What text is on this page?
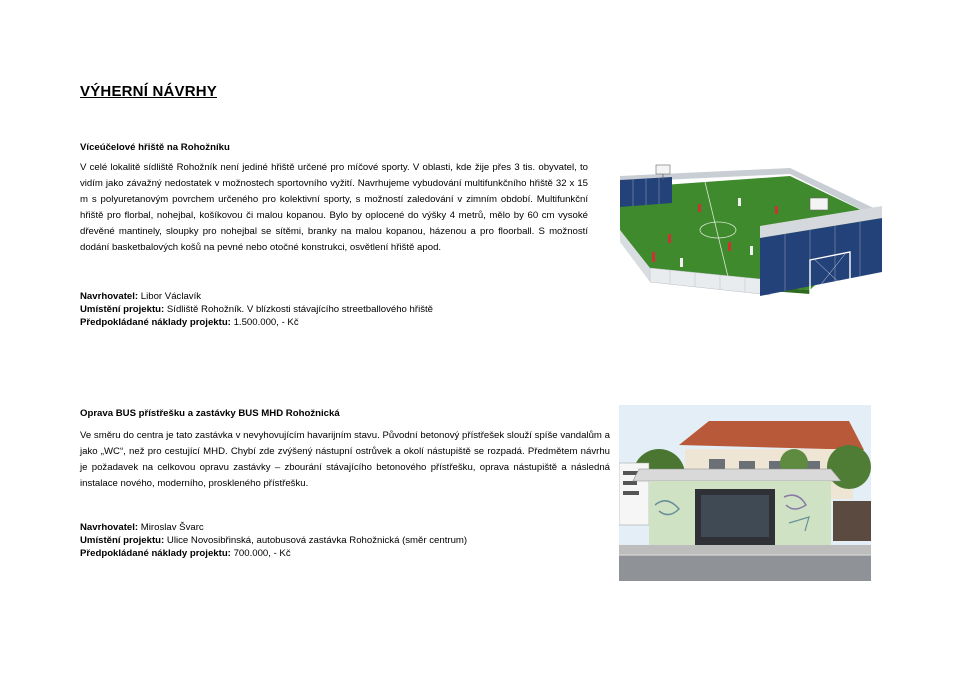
VÝHERNÍ NÁVRHY
Víceúčelové hřiště na Rohožníku

V celé lokalitě sídliště Rohožník není jediné hřiště určené pro míčové sporty. V oblasti, kde žije přes 3 tis. obyvatel, to vidím jako závažný nedostatek v možnostech sportovního vyžití. Navrhujeme vybudování multifunkčního hřiště 32 x 15 m s polyuretanovým povrchem určeného pro kolektivní sporty, s možností zaledování v zimním období. Multifunkční hřiště pro florbal, nohejbal, košíkovou či malou kopanou. Bylo by oplocené do výšky 4 metrů, mělo by 60 cm vysoké dřevěné mantinely, sloupky pro nohejbal se sítěmi, branky na malou kopanou, házenou a pro floorball. S možností dodání basketbalových košů na pevné nebo otočné konstrukci, osvětlení hřiště apod.

Navrhovatel: Libor Václavík
Umístění projektu: Sídliště Rohožník. V blízkosti stávajícího streetballového hřiště
Předpokládané náklady projektu: 1.500.000, - Kč
Oprava BUS přístřešku a zastávky BUS MHD Rohožnická

Ve směru do centra je tato zastávka v nevyhovujícím havarijním stavu. Původní betonový přístřešek slouží spíše vandalům a jako „WC“, než pro cestující MHD. Chybí zde zvýšený nástupní ostrůvek a okolí nástupiště se rozpadá. Předmětem návrhu je požadavek na celkovou opravu zastávky – zbourání stávajícího betonového přístřešku, oprava nástupiště a následná instalace nového, moderního, proskleného přístřešku.

Navrhovatel: Miroslav Švarc
Umístění projektu: Ulice Novosibřinská, autobusová zastávka Rohožnická (směr centrum)
Předpokládané náklady projektu: 700.000, - Kč
